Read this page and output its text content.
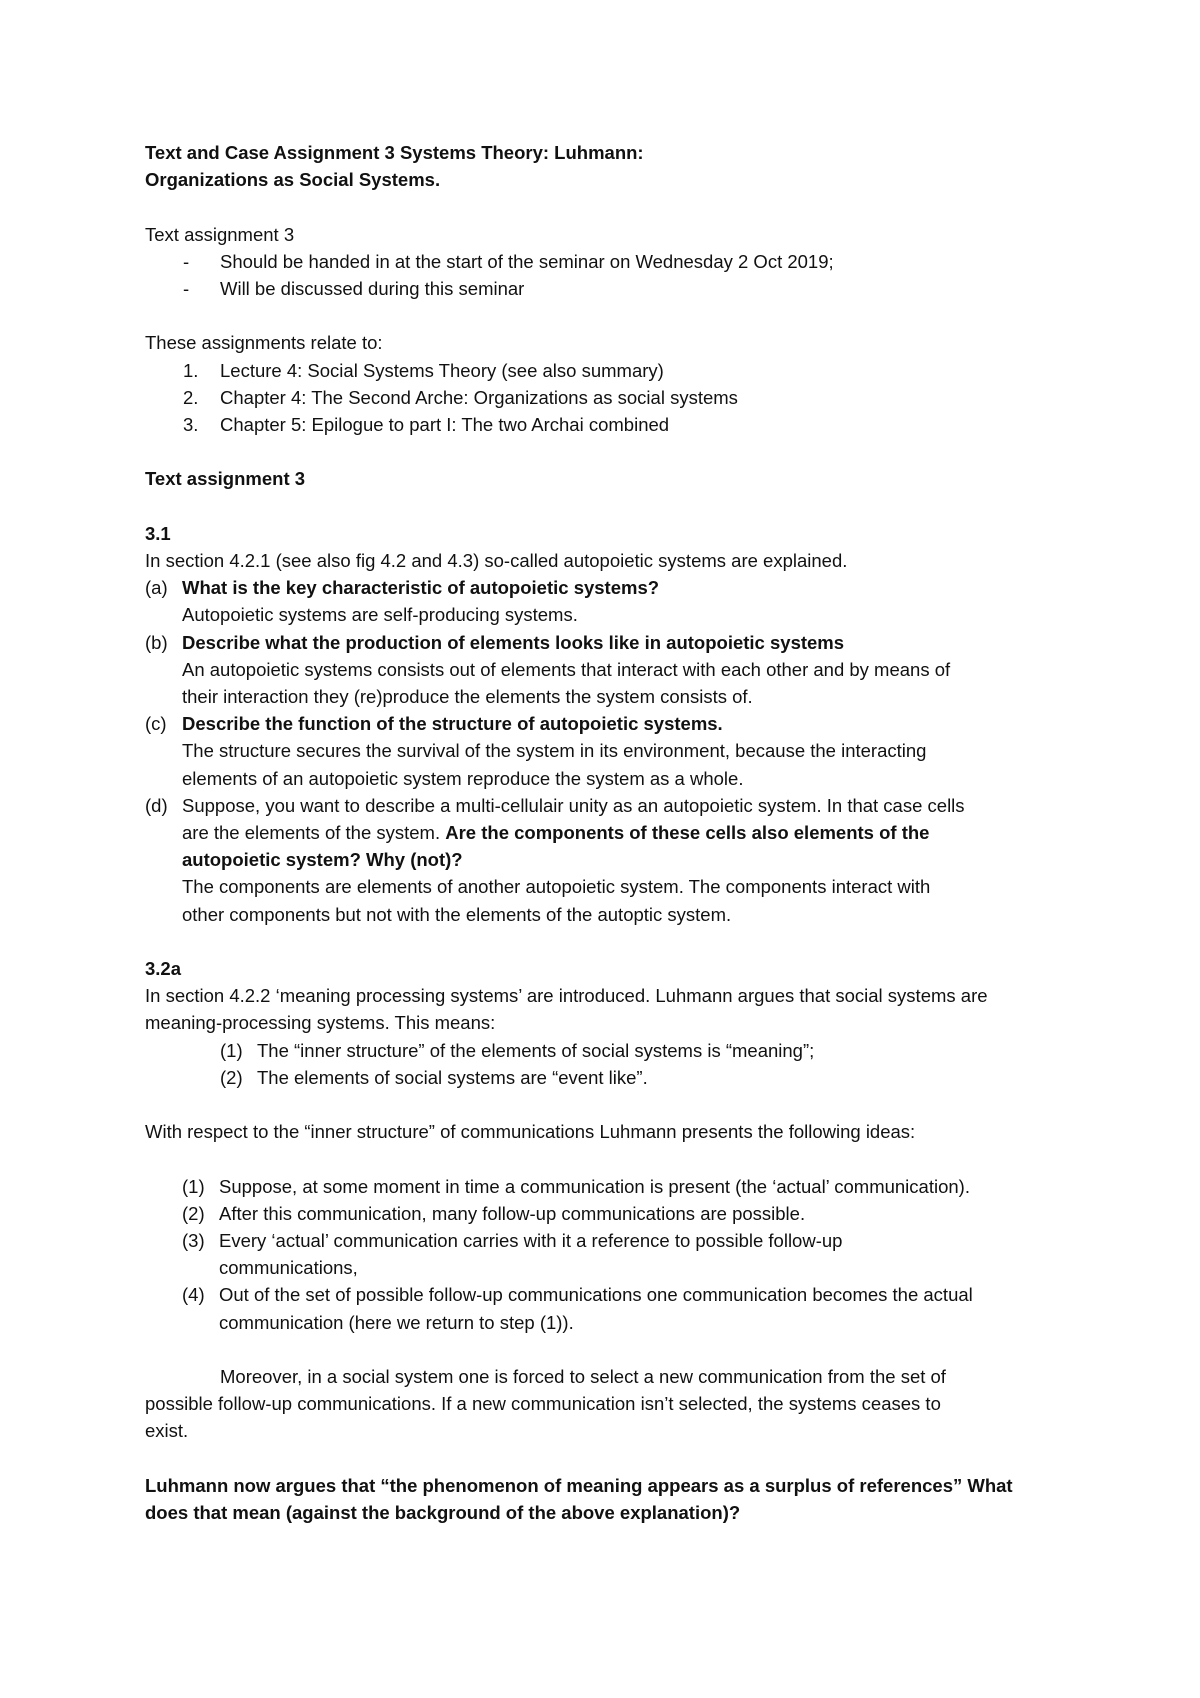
Text and Case Assignment 3 Systems Theory: Luhmann:
Organizations as Social Systems.
Text assignment 3
-	Should be handed in at the start of the seminar on Wednesday 2 Oct 2019;
-	Will be discussed during this seminar
These assignments relate to:
1.	Lecture 4: Social Systems Theory (see also summary)
2.	Chapter 4: The Second Arche: Organizations as social systems
3.	Chapter 5: Epilogue to part I: The two Archai combined
Text assignment 3
3.1
In section 4.2.1 (see also fig 4.2 and 4.3) so-called autopoietic systems are explained.
(a) What is the key characteristic of autopoietic systems?
Autopoietic systems are self-producing systems.
(b) Describe what the production of elements looks like in autopoietic systems
An autopoietic systems consists out of elements that interact with each other and by means of
their interaction they (re)produce the elements the system consists of.
(c) Describe the function of the structure of autopoietic systems.
The structure secures the survival of the system in its environment, because the interacting
elements of an autopoietic system reproduce the system as a whole.
(d) Suppose, you want to describe a multi-cellulair unity as an autopoietic system. In that case cells
are the elements of the system. Are the components of these cells also elements of the
autopoietic system? Why (not)?
The components are elements of another autopoietic system. The components interact with
other components but not with the elements of the autoptic system.
3.2a
In section 4.2.2 ‘meaning processing systems’ are introduced. Luhmann argues that social systems are
meaning-processing systems. This means:
(1) The “inner structure” of the elements of social systems is “meaning”;
(2) The elements of social systems are “event like”.
With respect to the “inner structure” of communications Luhmann presents the following ideas:
(1) Suppose, at some moment in time a communication is present (the ‘actual’ communication).
(2) After this communication, many follow-up communications are possible.
(3) Every ‘actual’ communication carries with it a reference to possible follow-up
communications,
(4) Out of the set of possible follow-up communications one communication becomes the actual
communication (here we return to step (1)).
Moreover, in a social system one is forced to select a new communication from the set of
possible follow-up communications. If a new communication isn’t selected, the systems ceases to
exist.
Luhmann now argues that “the phenomenon of meaning appears as a surplus of references” What
does that mean (against the background of the above explanation)?
